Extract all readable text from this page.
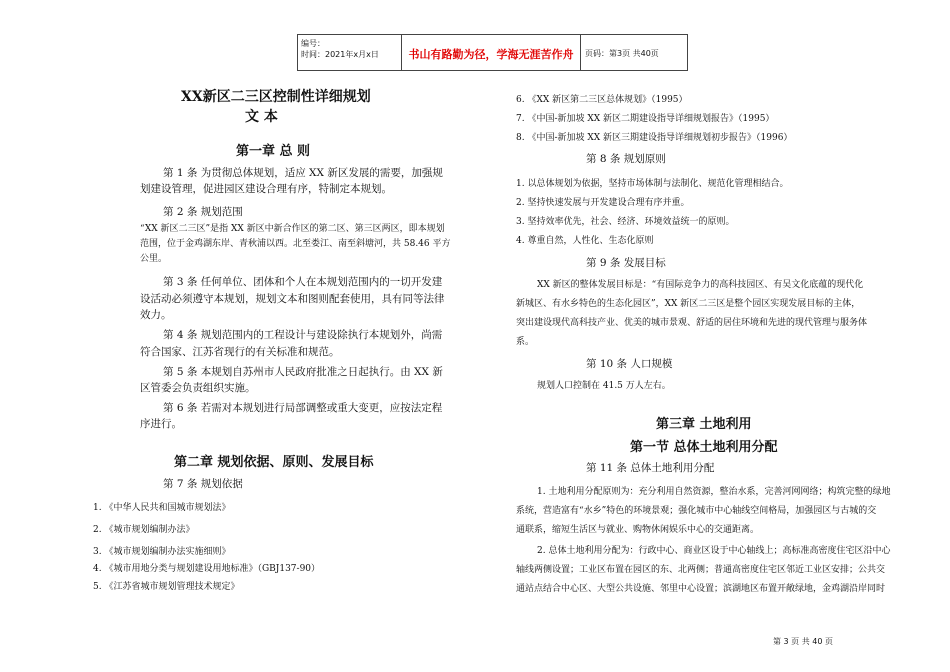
编号：
时间：2021年x月x日	书山有路勤为径，学海无涯苦作舟	页码：第3页 共40页
XX新区二三区控制性详细规划
文 本
第一章 总 则
第 1 条 为贯彻总体规划，适应 XX 新区发展的需要，加强规
划建设管理，促进园区建设合理有序，特制定本规划。
第 2 条 规划范围
“XX 新区二三区”是指 XX 新区中新合作区的第二区、第三区两区，即本规划
范围，位于金鸡湖东岸、青秋浦以西。北至娄江、南至斜塘河，共 58.46 平方
公里。
第 3 条 任何单位、团体和个人在本规划范围内的一切开发建
设活动必须遵守本规划，规划文本和图则配套使用，具有同等法律
效力。
第 4 条 规划范围内的工程设计与建设除执行本规划外，尚需
符合国家、江苏省现行的有关标准和规范。
第 5 条 本规划自苏州市人民政府批准之日起执行。由 XX 新
区管委会负责组织实施。
第 6 条 若需对本规划进行局部调整或重大变更，应按法定程
序进行。
第二章 规划依据、原则、发展目标
第 7 条 规划依据
1. 《中华人民共和国城市规划法》
2. 《城市规划编制办法》
3. 《城市规划编制办法实施细则》
4. 《城市用地分类与规划建设用地标准》（GBJ137-90）
5. 《江苏省城市规划管理技术规定》
6. 《XX 新区第二三区总体规划》（1995）
7. 《中国-新加坡 XX 新区二期建设指导详细规划报告》（1995）
8. 《中国-新加坡 XX 新区三期建设指导详细规划初步报告》（1996）
第 8 条 规划原则
1. 以总体规划为依据，坚持市场体制与法制化、规范化管理相结合。
2. 坚持快速发展与开发建设合理有序并重。
3. 坚持效率优先，社会、经济、环境效益统一的原则。
4. 尊重自然，人性化、生态化原则
第 9 条 发展目标
XX 新区的整体发展目标是：“有国际竞争力的高科技园区、有吴文化底蕴的现代化
新城区、有水乡特色的生态化园区”，XX 新区二三区是整个园区实现发展目标的主体，
突出建设现代高科技产业、优美的城市景观、舒适的居住环境和先进的现代管理与服务体
系。
第 10 条 人口规模
规划人口控制在 41.5 万人左右。
第三章 土地利用
第一节 总体土地利用分配
第 11 条 总体土地利用分配
1. 土地利用分配原则为：充分利用自然资源，整治水系，完善河网网络；构筑完整的绿地
系统，营造富有“水乡”特色的环境景观；强化城市中心轴线空间格局，加强园区与古城的交
通联系，缩短生活区与就业、购物休闲娱乐中心的交通距离。
2. 总体土地利用分配为：行政中心、商业区设于中心轴线上；高标准高密度住宅区沿中心
轴线两侧设置；工业区布置在园区的东、北两侧；普通高密度住宅区邻近工业区安排；公共交
通站点结合中心区、大型公共设施、邻里中心设置；滨湖地区布置开敞绿地，金鸡湖沿岸同时
第 3 页 共 40 页
